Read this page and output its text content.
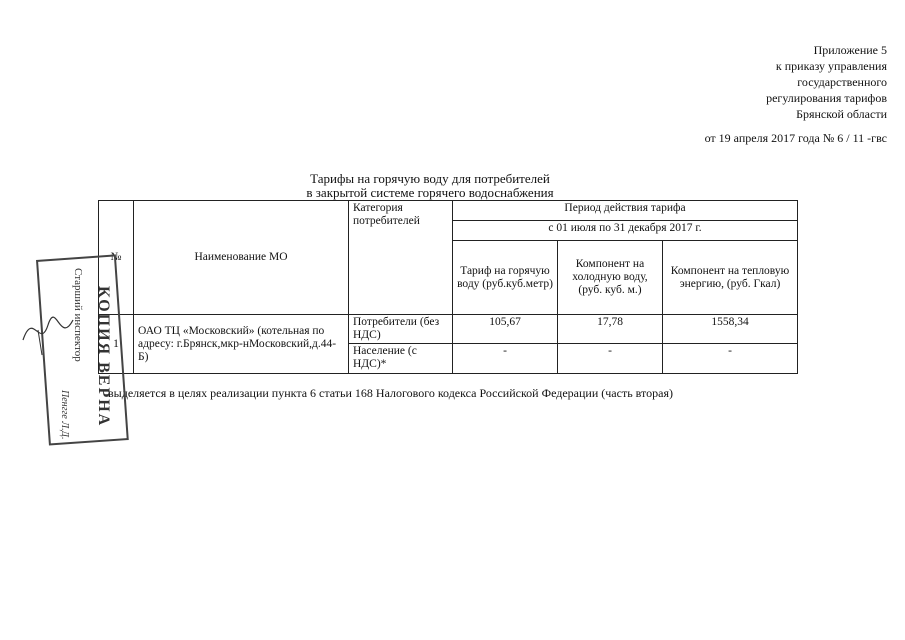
Приложение 5
к приказу управления
государственного
регулирования тарифов
Брянской области
от 19 апреля 2017 года № 6 / 11 -гвс
Тарифы на горячую воду для потребителей
в закрытой системе горячего водоснабжения
№	Наименование МО	Категория потребителей	Период действия тарифа		
			с 01 июля по 31 декабря 2017 г.		
			Тариф на горячую воду (руб.куб.метр)	Компонент на холодную воду, (руб. куб. м.)	Компонент на тепловую энергию, (руб. Гкал)
1	ОАО ТЦ «Московский» (котельная по адресу: г.Брянск,мкр-нМосковский,д.44-Б)	Потребители (без НДС)	105,67	17,78	1558,34
		Население (с НДС)*	-	-	-
выделяется в целях реализации пункта 6 статьи 168 Налогового кодекса Российской Федерации (часть вторая)
КОПИЯ ВЕРНА
Старший инспектор
Пенгге Л.Д.
